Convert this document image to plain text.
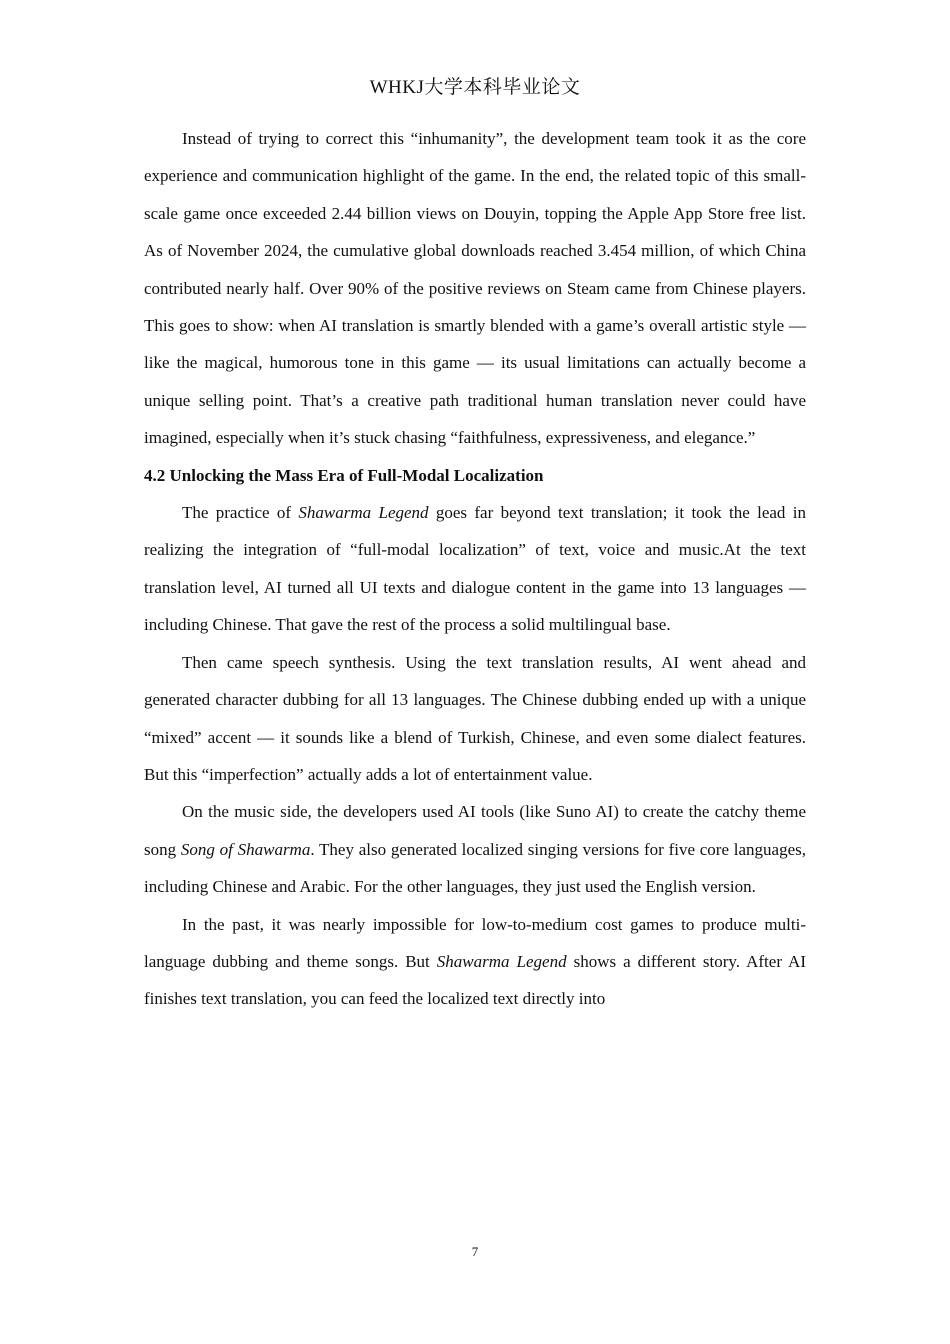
WHKJ大学本科毕业论文

Instead of trying to correct this “inhumanity”, the development team took it as the core experience and communication highlight of the game. In the end, the related topic of this small-scale game once exceeded 2.44 billion views on Douyin, topping the Apple App Store free list. As of November 2024, the cumulative global downloads reached 3.454 million, of which China contributed nearly half. Over 90% of the positive reviews on Steam came from Chinese players. This goes to show: when AI translation is smartly blended with a game’s overall artistic style — like the magical, humorous tone in this game — its usual limitations can actually become a unique selling point. That’s a creative path traditional human translation never could have imagined, especially when it’s stuck chasing “faithfulness, expressiveness, and elegance.”

4.2 Unlocking the Mass Era of Full-Modal Localization

The practice of Shawarma Legend goes far beyond text translation; it took the lead in realizing the integration of “full-modal localization” of text, voice and music.At the text translation level, AI turned all UI texts and dialogue content in the game into 13 languages — including Chinese. That gave the rest of the process a solid multilingual base.

Then came speech synthesis. Using the text translation results, AI went ahead and generated character dubbing for all 13 languages. The Chinese dubbing ended up with a unique “mixed” accent — it sounds like a blend of Turkish, Chinese, and even some dialect features. But this “imperfection” actually adds a lot of entertainment value.

On the music side, the developers used AI tools (like Suno AI) to create the catchy theme song Song of Shawarma. They also generated localized singing versions for five core languages, including Chinese and Arabic. For the other languages, they just used the English version.

In the past, it was nearly impossible for low-to-medium cost games to produce multi-language dubbing and theme songs. But Shawarma Legend shows a different story. After AI finishes text translation, you can feed the localized text directly into

7
